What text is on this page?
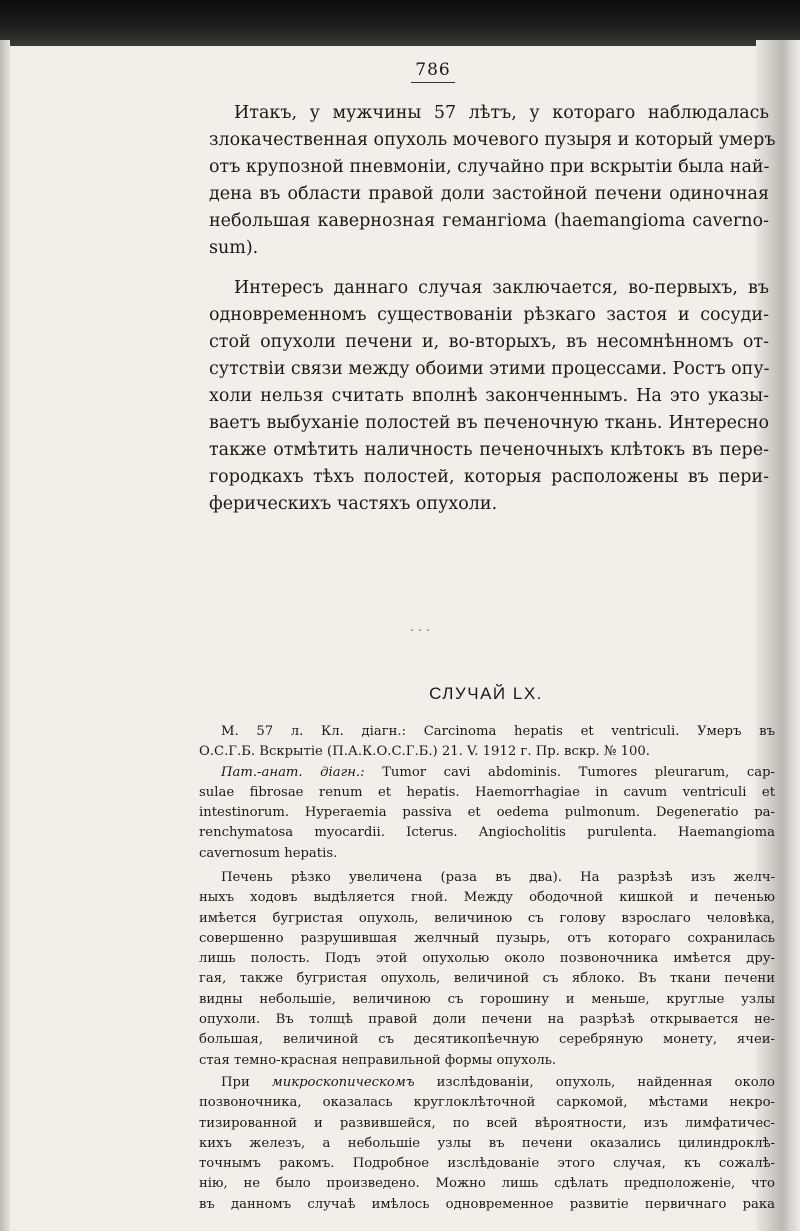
786
Итакъ, у мужчины 57 лѣтъ, у котораго наблюдалась
злокачественная опухоль мочевого пузыря и который умеръ
отъ крупозной пневмоніи, случайно при вскрытіи была най-
дена въ области правой доли застойной печени одиночная
небольшая кавернозная гемангіома (haemangioma caverno-
sum).
Интересъ даннаго случая заключается, во-первыхъ, въ
одновременномъ существованіи рѣзкаго застоя и сосуди-
стой опухоли печени и, во-вторыхъ, въ несомнѣнномъ от-
сутствіи связи между обоими этими процессами. Ростъ опу-
холи нельзя считать вполнѣ законченнымъ. На это указы-
ваетъ выбуханіе полостей въ печеночную ткань. Интересно
также отмѣтить наличность печеночныхъ клѣтокъ въ пере-
городкахъ тѣхъ полостей, которыя расположены въ пери-
ферическихъ частяхъ опухоли.
...
СЛУЧАЙ LX.
М. 57 л. Кл. діагн.: Carcinoma hepatis et ventriculi. Умеръ въ
О.С.Г.Б. Вскрытіе (П.А.К.О.С.Г.Б.) 21. V. 1912 г. Пр. вскр. № 100.
Пат.-анат. діагн.: Tumor cavi abdominis. Tumores pleurarum, cap-
sulae fibrosae renum et hepatis. Haemorrhagiae in cavum ventriculi et
intestinorum. Hyperaemia passiva et oedema pulmonum. Degeneratio pa-
renchymatosa myocardii. Icterus. Angiocholitis purulenta. Haemangioma
cavernosum hepatis.
Печень рѣзко увеличена (раза въ два). На разрѣзѣ изъ желч-
ныхъ ходовъ выдѣляется гной. Между ободочной кишкой и печенью
имѣется бугристая опухоль, величиною съ голову взрослаго человѣка,
совершенно разрушившая желчный пузырь, отъ котораго сохранилась
лишь полость. Подъ этой опухолью около позвоночника имѣется дру-
гая, также бугристая опухоль, величиной съ яблоко. Въ ткани печени
видны небольшіе, величиною съ горошину и меньше, круглые узлы
опухоли. Въ толщѣ правой доли печени на разрѣзѣ открывается не-
большая, величиной съ десятикопѣечную серебряную монету, ячеи-
стая темно-красная неправильной формы опухоль.
При микроскопическомъ изслѣдованіи, опухоль, найденная около
позвоночника, оказалась круглоклѣточной саркомой, мѣстами некро-
тизированной и развившейся, по всей вѣроятности, изъ лимфатичес-
кихъ железъ, а небольшіе узлы въ печени оказались цилиндроклѣ-
точнымъ ракомъ. Подробное изслѣдованіе этого случая, къ сожалѣ-
нію, не было произведено. Можно лишь сдѣлать предположеніе, что
въ данномъ случаѣ имѣлось одновременное развитіе первичнаго рака
